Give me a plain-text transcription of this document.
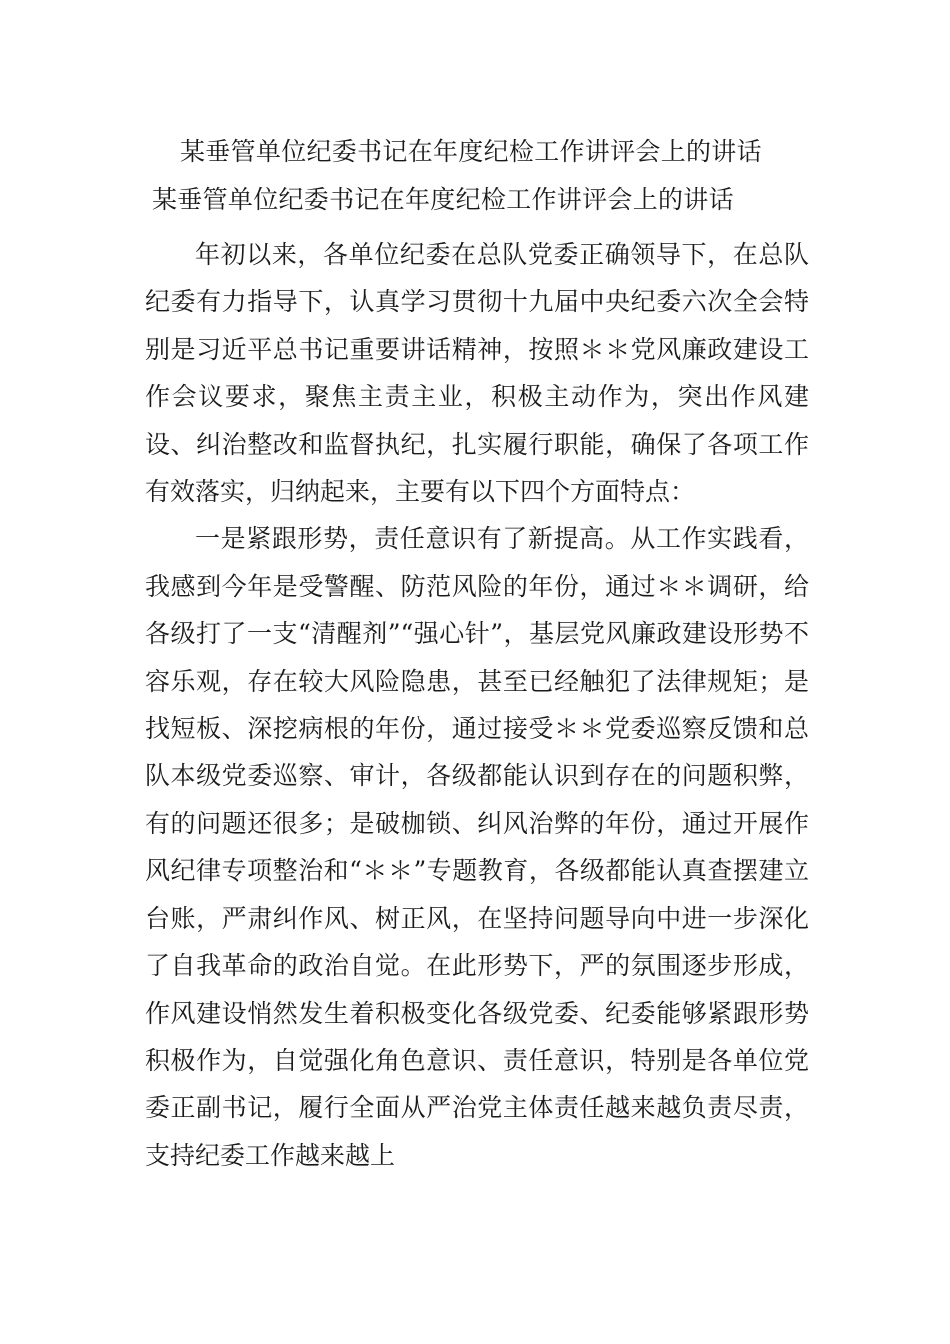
某垂管单位纪委书记在年度纪检工作讲评会上的讲话
某垂管单位纪委书记在年度纪检工作讲评会上的讲话

年初以来，各单位纪委在总队党委正确领导下，在总队纪委有力指导下，认真学习贯彻十九届中央纪委六次全会特别是习近平总书记重要讲话精神，按照＊＊党风廉政建设工作会议要求，聚焦主责主业，积极主动作为，突出作风建设、纠治整改和监督执纪，扎实履行职能，确保了各项工作有效落实，归纳起来，主要有以下四个方面特点：

一是紧跟形势，责任意识有了新提高。从工作实践看，我感到今年是受警醒、防范风险的年份，通过＊＊调研，给各级打了一支“清醒剂”“强心针”，基层党风廉政建设形势不容乐观，存在较大风险隐患，甚至已经触犯了法律规矩；是找短板、深挖病根的年份，通过接受＊＊党委巡察反馈和总队本级党委巡察、审计，各级都能认识到存在的问题积弊，有的问题还很多；是破枷锁、纠风治弊的年份，通过开展作风纪律专项整治和“＊＊”专题教育，各级都能认真查摆建立台账，严肃纠作风、树正风，在坚持问题导向中进一步深化了自我革命的政治自觉。在此形势下，严的氛围逐步形成，作风建设悄然发生着积极变化各级党委、纪委能够紧跟形势积极作为，自觉强化角色意识、责任意识，特别是各单位党委正副书记，履行全面从严治党主体责任越来越负责尽责，支持纪委工作越来越上
